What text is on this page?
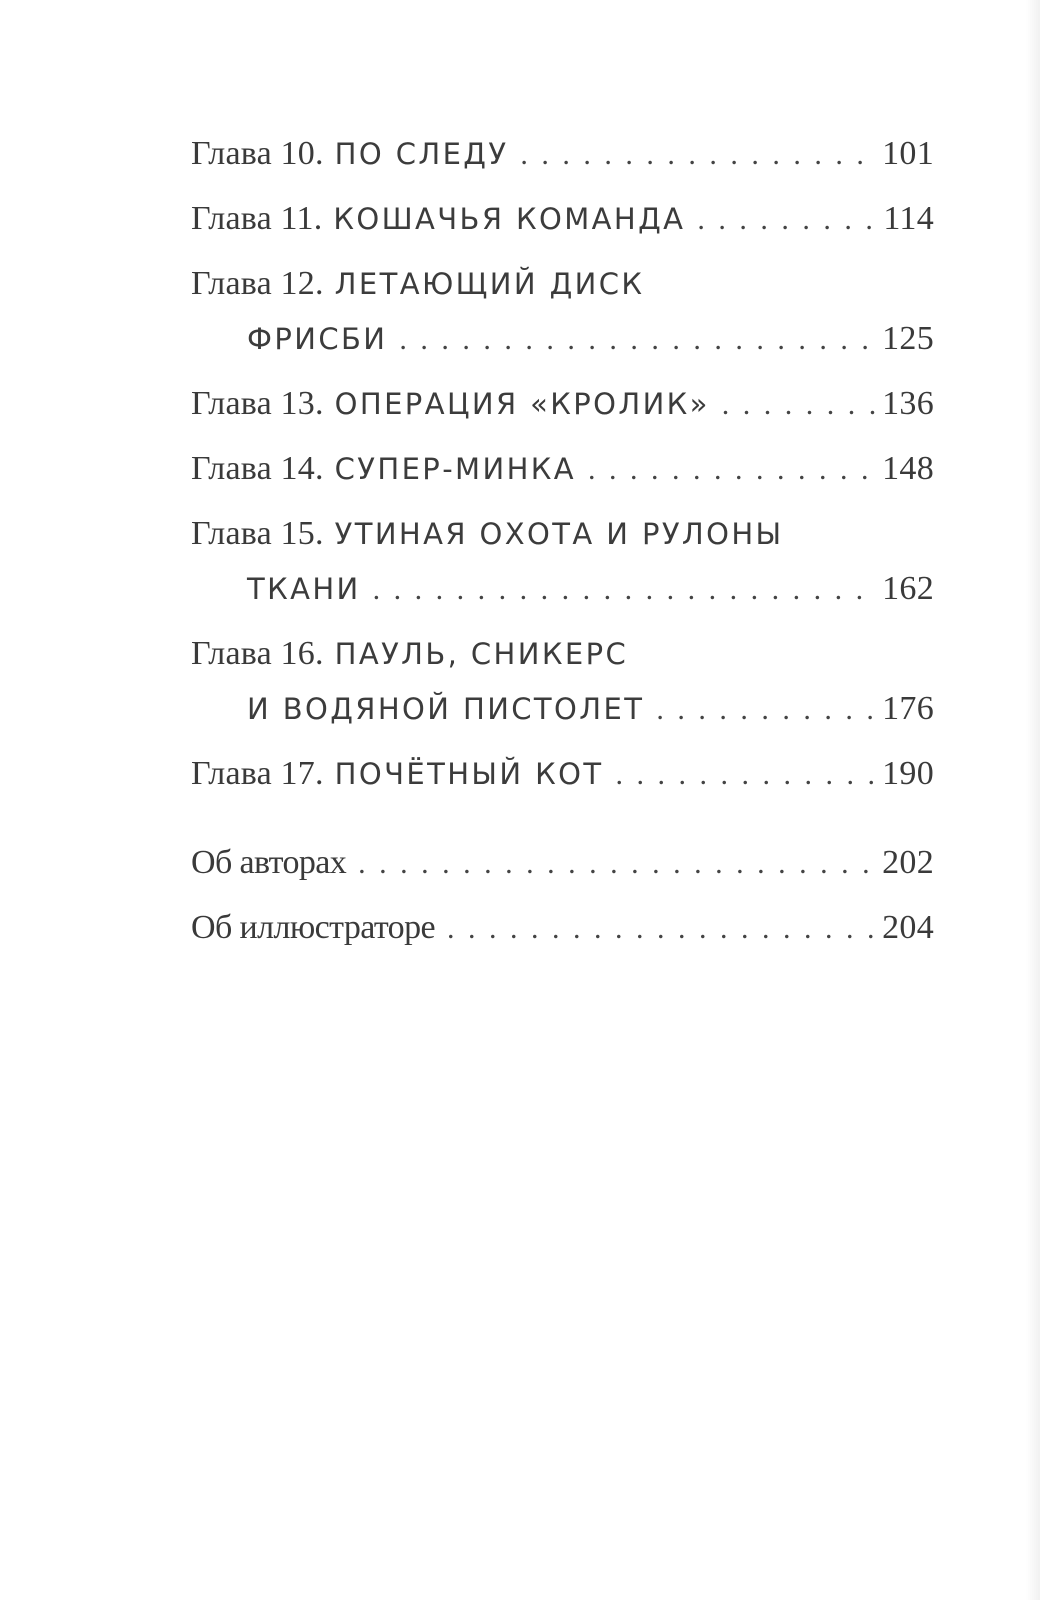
Глава 10. ПО СЛЕДУ . . .	101
Глава 11. КОШАЧЬЯ КОМАНДА . . .	114
Глава 12. ЛЕТАЮЩИЙ ДИСК
ФРИСБИ . . .	125
Глава 13. ОПЕРАЦИЯ «КРОЛИК» . . .	136
Глава 14. СУПЕР-МИНКА . . .	148
Глава 15. УТИНАЯ ОХОТА И РУЛОНЫ
ТКАНИ . . .	162
Глава 16. ПАУЛЬ, СНИКЕРС
И ВОДЯНОЙ ПИСТОЛЕТ . . .	176
Глава 17. ПОЧЁТНЫЙ КОТ . . .	190
Об авторах . . .	202
Об иллюстраторе . . .	204
